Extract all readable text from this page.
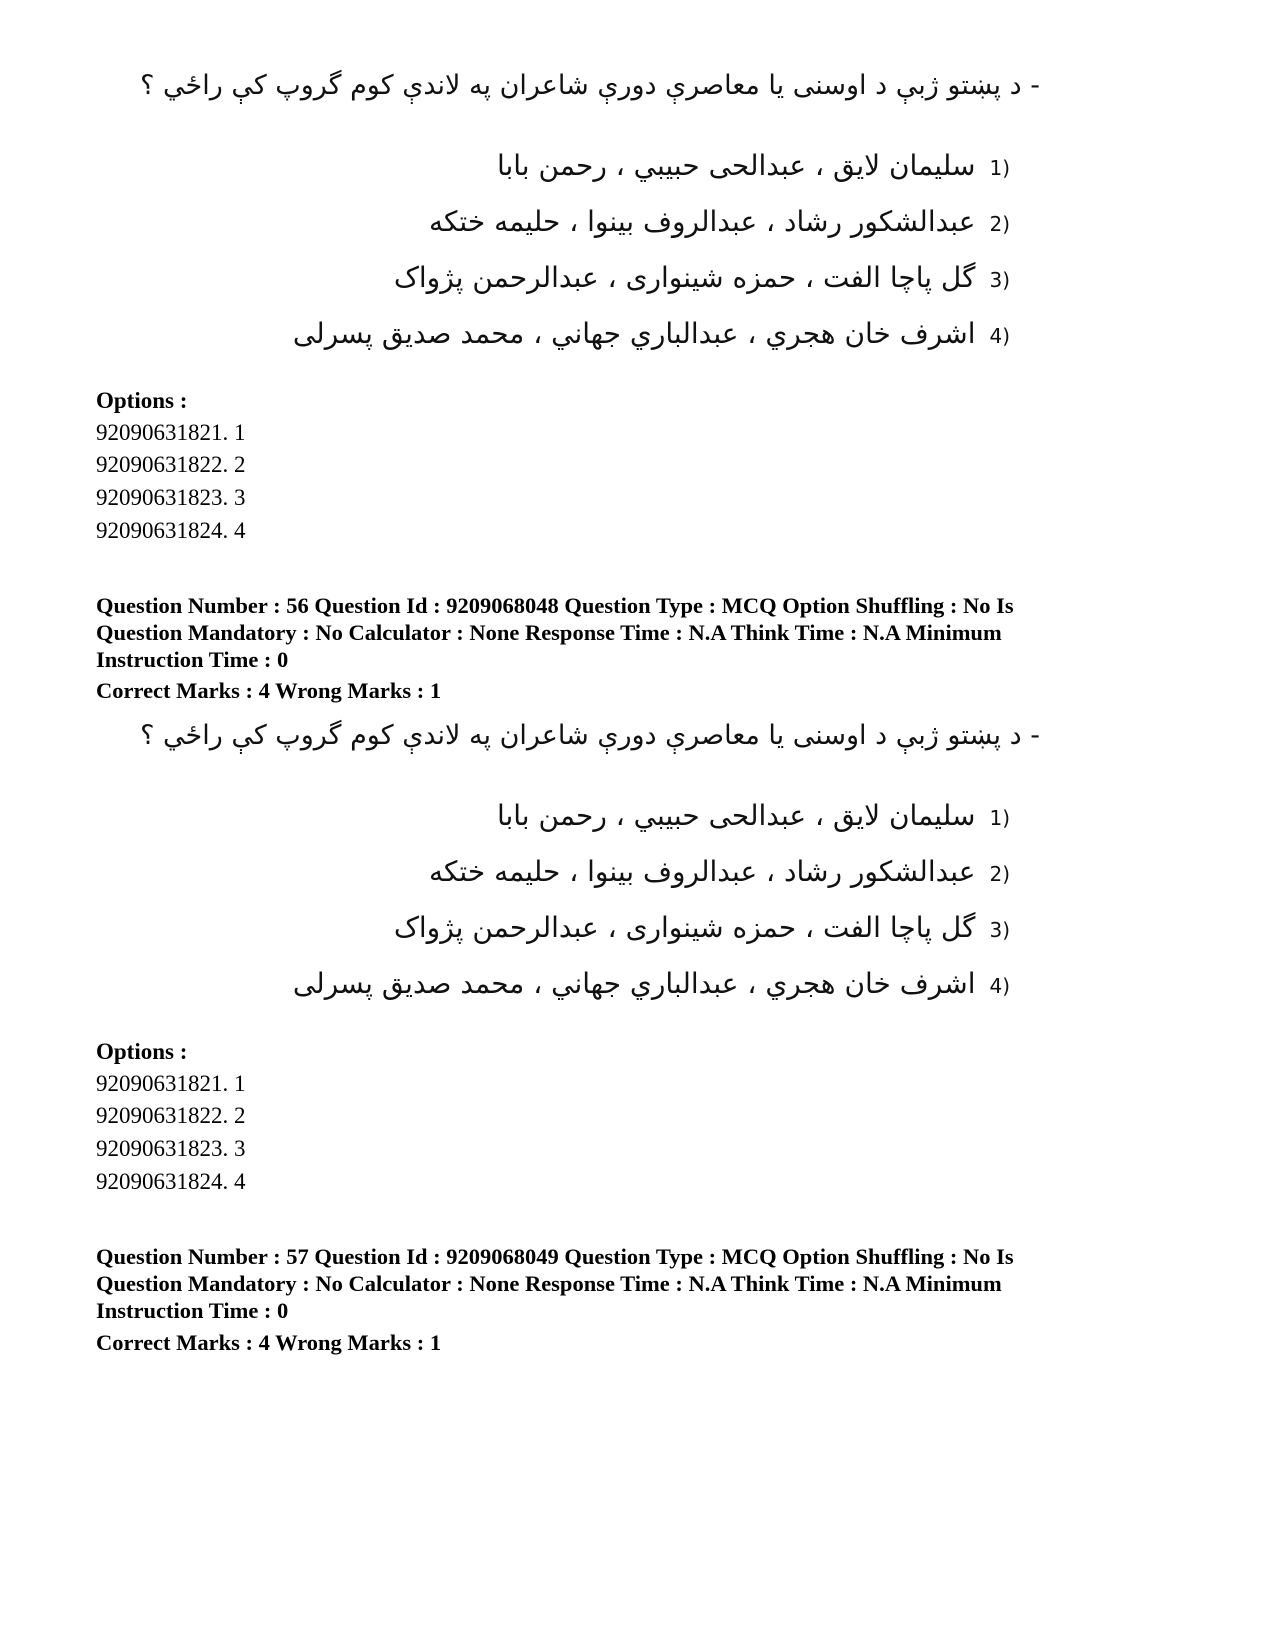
- د پښتو ژبې د اوسنی یا معاصرې دورې شاعران په لاندې کوم گروپ کې راځي ؟
1)سليمان لايق ، عبدالحی حبيبي ، رحمن بابا
2)عبدالشکور رشاد ، عبدالروف بينوا ، حليمه ختکه
3)گل پاچا الفت ، حمزه شينواری ، عبدالرحمن پژواک
4)اشرف خان هجري ، عبدالباري جهاني ، محمد صديق پسرلی
Options :
92090631821. 1
92090631822. 2
92090631823. 3
92090631824. 4
Question Number : 56 Question Id : 9209068048 Question Type : MCQ Option Shuffling : No Is
Question Mandatory : No Calculator : None Response Time : N.A Think Time : N.A Minimum
Instruction Time : 0
Correct Marks : 4 Wrong Marks : 1
- د پښتو ژبې د اوسنی یا معاصرې دورې شاعران په لاندې کوم گروپ کې راځي ؟
1)سليمان لايق ، عبدالحی حبيبي ، رحمن بابا
2)عبدالشکور رشاد ، عبدالروف بينوا ، حليمه ختکه
3)گل پاچا الفت ، حمزه شينواری ، عبدالرحمن پژواک
4)اشرف خان هجري ، عبدالباري جهاني ، محمد صديق پسرلی
Options :
92090631821. 1
92090631822. 2
92090631823. 3
92090631824. 4
Question Number : 57 Question Id : 9209068049 Question Type : MCQ Option Shuffling : No Is
Question Mandatory : No Calculator : None Response Time : N.A Think Time : N.A Minimum
Instruction Time : 0
Correct Marks : 4 Wrong Marks : 1
